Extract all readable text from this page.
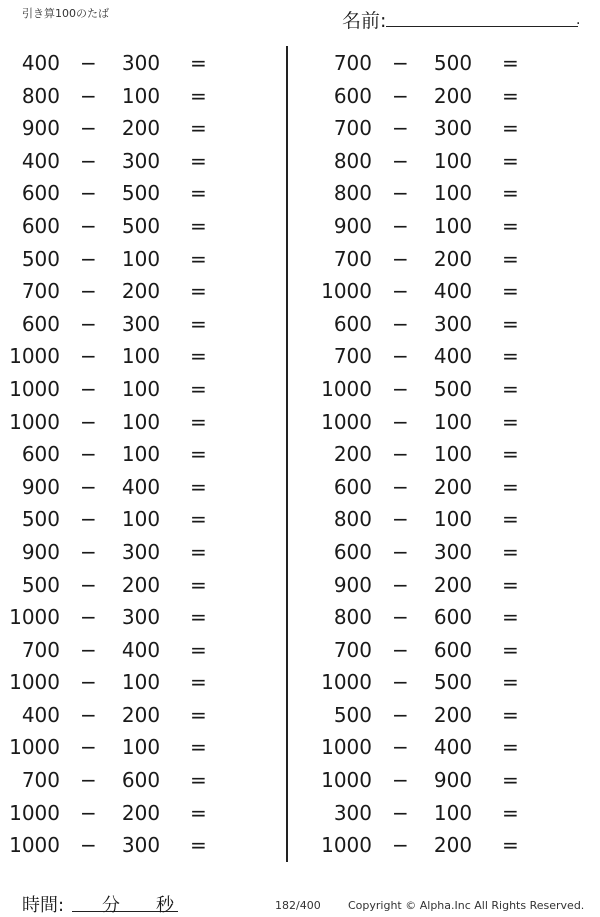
引き算100のたば	名前:	.
400 −	300	=
800 −	100	=
900 −	200	=
400 −	300	=
600 −	500	=
600 −	500	=
500 −	100	=
700 −	200	=
600 −	300	=
1000 −	100	=
1000 −	100	=
1000 −	100	=
600 −	100	=
900 −	400	=
500 −	100	=
900 −	300	=
500 −	200	=
1000 −	300	=
700 −	400	=
1000 −	100	=
400 −	200	=
1000 −	100	=
700 −	600	=
1000 −	200	=
1000 −	300	=
700 −	500	=
600 −	200	=
700 −	300	=
800 −	100	=
800 −	100	=
900 −	100	=
700 −	200	=
1000 −	400	=
600 −	300	=
700 −	400	=
1000 −	500	=
1000 −	100	=
200 −	100	=
600 −	200	=
800 −	100	=
600 −	300	=
900 −	200	=
800 −	600	=
700 −	600	=
1000 −	500	=
500 −	200	=
1000 −	400	=
1000 −	900	=
300 −	100	=
1000 −	200	=
時間: 分 秒	182/400 Copyright © Alpha.Inc All Rights Reserved.
